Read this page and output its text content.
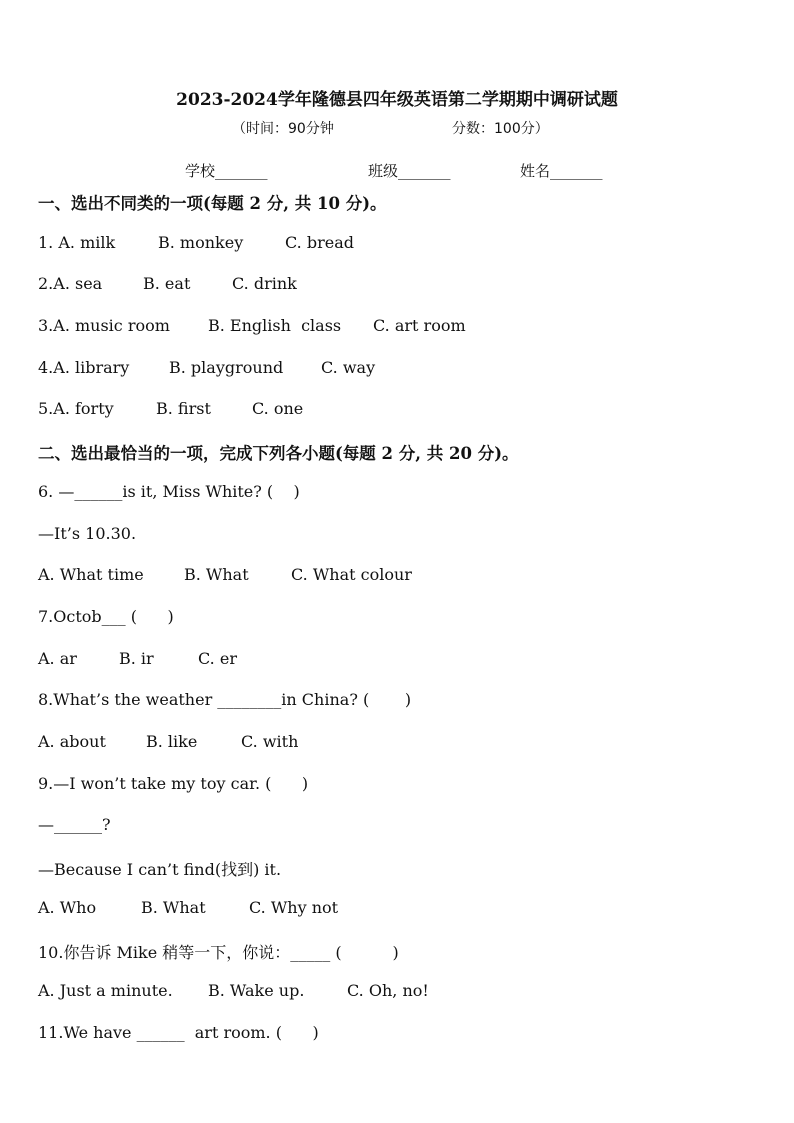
2023-2024学年隆德县四年级英语第二学期期中调研试题
（时间：90分钟	分数：100分）
学校_______	班级_______	姓名_______
一、选出不同类的一项(每题 2 分, 共 10 分)。
1. A. milk	B. monkey	C. bread
2.A. sea	B. eat	C. drink
3.A. music room B. English  class C. art room
4.A. library B. playground C. way
5.A. forty	B. first	C. one
二、选出最恰当的一项，完成下列各小题(每题 2 分, 共 20 分)。
6. —______is it, Miss White? (    )
—It’s 10.30.
A. What time	B. What	C. What colour
7.Octob___ (      )
A. ar	B. ir	C. er
8.What’s the weather ________in China? (       )
A. about	B. like	C. with
9.—I won’t take my toy car. (      )
—______?
—Because I can’t find(找到) it.
A. Who	B. What	C. Why not
10.你告诉 Mike 稍等一下，你说：_____ (          )
A. Just a minute. B. Wake up.	C. Oh, no!
11.We have ______  art room. (      )
